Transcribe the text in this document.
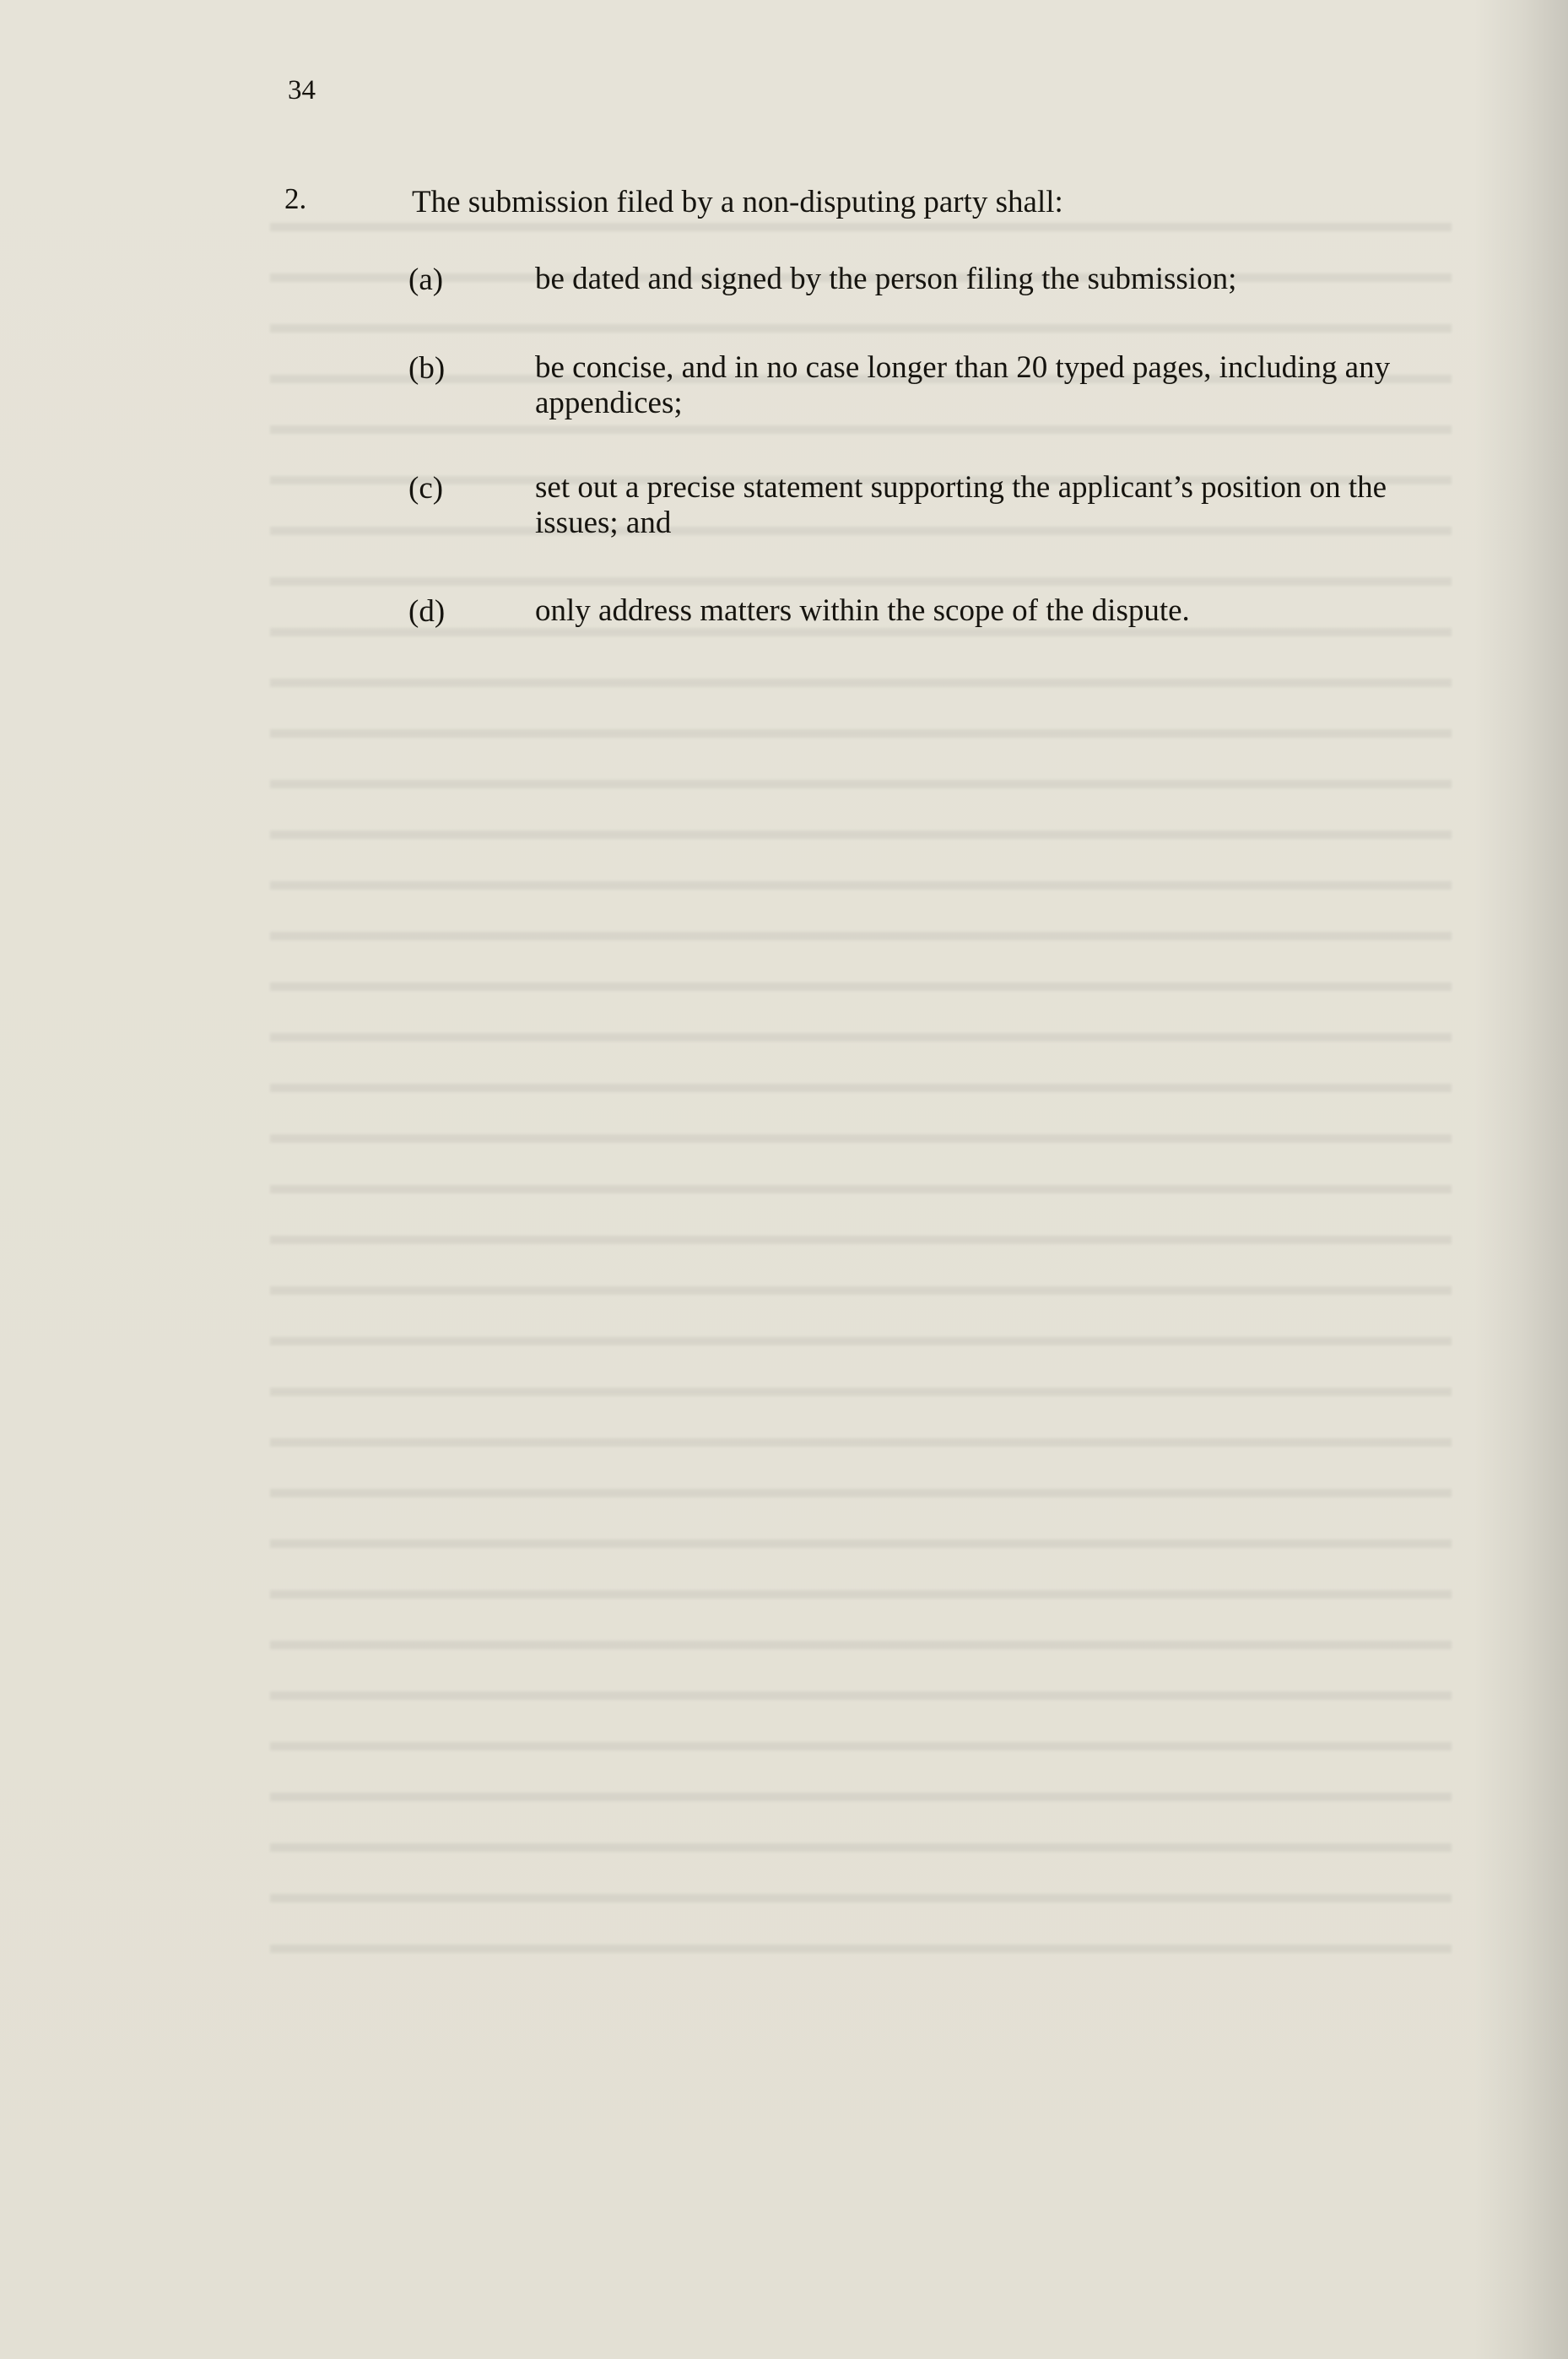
34
2.	The submission filed by a non-disputing party shall:
(a)	be dated and signed by the person filing the submission;
(b)	be concise, and in no case longer than 20 typed pages, including any appendices;
(c)	set out a precise statement supporting the applicant’s position on the issues; and
(d)	only address matters within the scope of the dispute.
